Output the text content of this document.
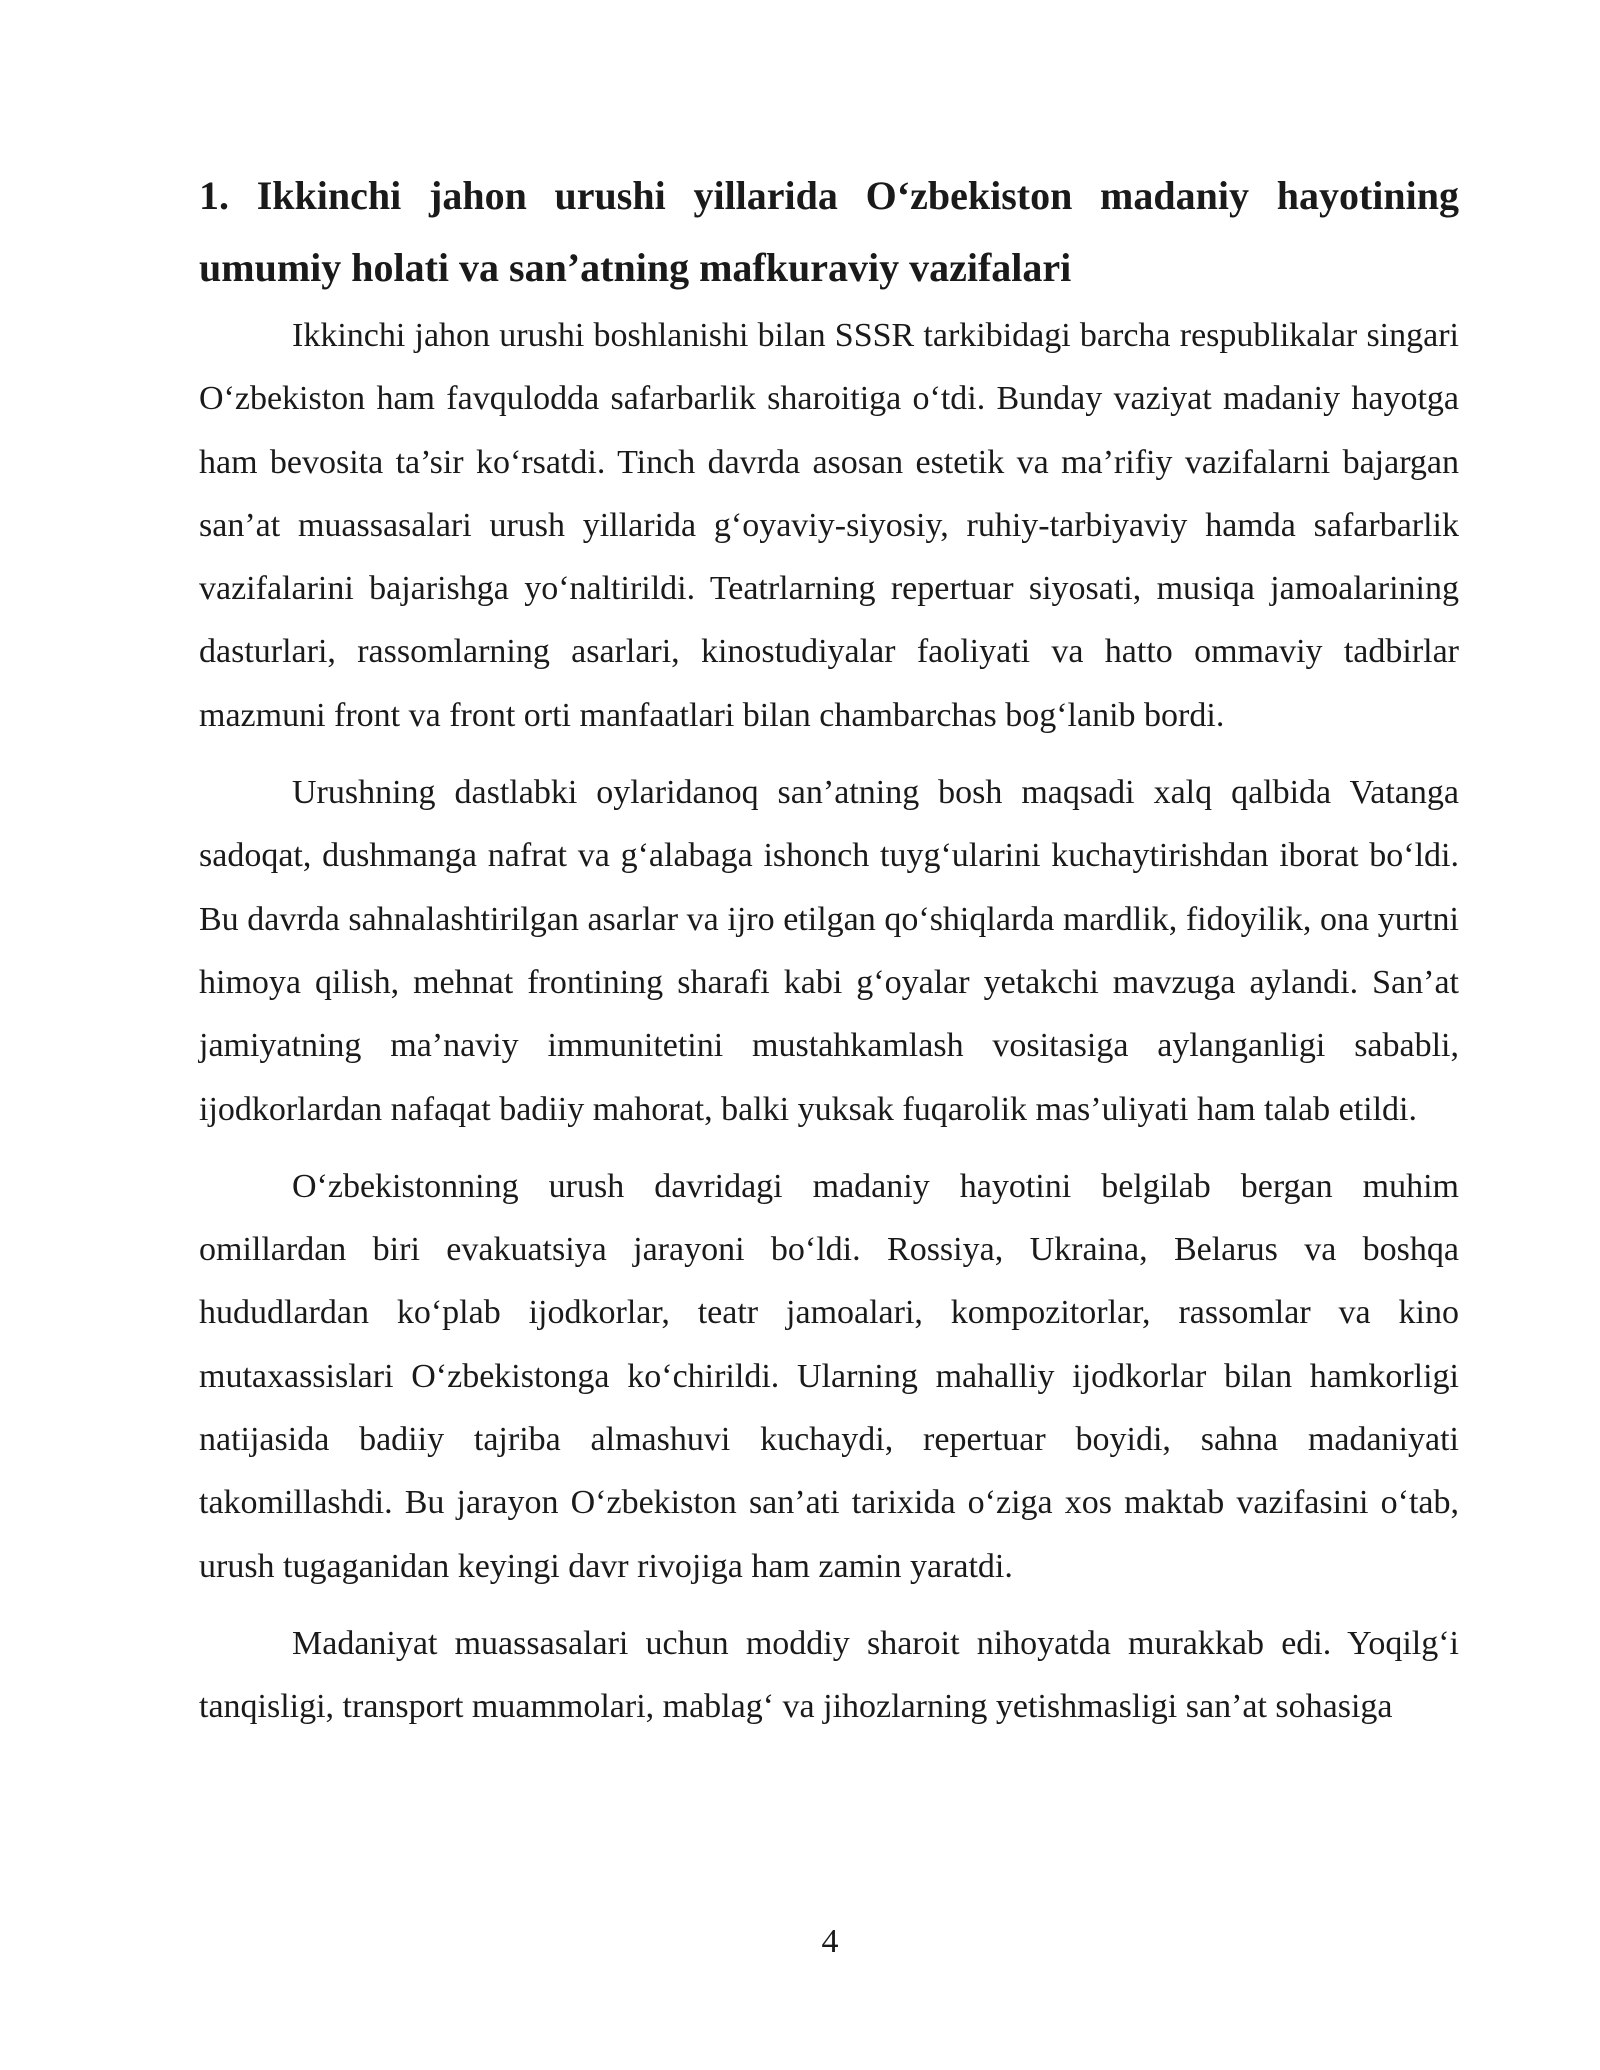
1. Ikkinchi jahon urushi yillarida O‘zbekiston madaniy hayotining umumiy holati va san’atning mafkuraviy vazifalari

Ikkinchi jahon urushi boshlanishi bilan SSSR tarkibidagi barcha respublikalar singari O‘zbekiston ham favqulodda safarbarlik sharoitiga o‘tdi. Bunday vaziyat madaniy hayotga ham bevosita ta’sir ko‘rsatdi. Tinch davrda asosan estetik va ma’rifiy vazifalarni bajargan san’at muassasalari urush yillarida g‘oyaviy-siyosiy, ruhiy-tarbiyaviy hamda safarbarlik vazifalarini bajarishga yo‘naltirildi. Teatrlarning repertuar siyosati, musiqa jamoalarining dasturlari, rassomlarning asarlari, kinostudiyalar faoliyati va hatto ommaviy tadbirlar mazmuni front va front orti manfaatlari bilan chambarchas bog‘lanib bordi.

Urushning dastlabki oylaridanoq san’atning bosh maqsadi xalq qalbida Vatanga sadoqat, dushmanga nafrat va g‘alabaga ishonch tuyg‘ularini kuchaytirishdan iborat bo‘ldi. Bu davrda sahnalashtirilgan asarlar va ijro etilgan qo‘shiqlarda mardlik, fidoyilik, ona yurtni himoya qilish, mehnat frontining sharafi kabi g‘oyalar yetakchi mavzuga aylandi. San’at jamiyatning ma’naviy immunitetini mustahkamlash vositasiga aylanganligi sababli, ijodkorlardan nafaqat badiiy mahorat, balki yuksak fuqarolik mas’uliyati ham talab etildi.

O‘zbekistonning urush davridagi madaniy hayotini belgilab bergan muhim omillardan biri evakuatsiya jarayoni bo‘ldi. Rossiya, Ukraina, Belarus va boshqa hududlardan ko‘plab ijodkorlar, teatr jamoalari, kompozitorlar, rassomlar va kino mutaxassislari O‘zbekistonga ko‘chirildi. Ularning mahalliy ijodkorlar bilan hamkorligi natijasida badiiy tajriba almashuvi kuchaydi, repertuar boyidi, sahna madaniyati takomillashdi. Bu jarayon O‘zbekiston san’ati tarixida o‘ziga xos maktab vazifasini o‘tab, urush tugaganidan keyingi davr rivojiga ham zamin yaratdi.

Madaniyat muassasalari uchun moddiy sharoit nihoyatda murakkab edi. Yoqilg‘i tanqisligi, transport muammolari, mablag‘ va jihozlarning yetishmasligi san’at sohasiga

4
